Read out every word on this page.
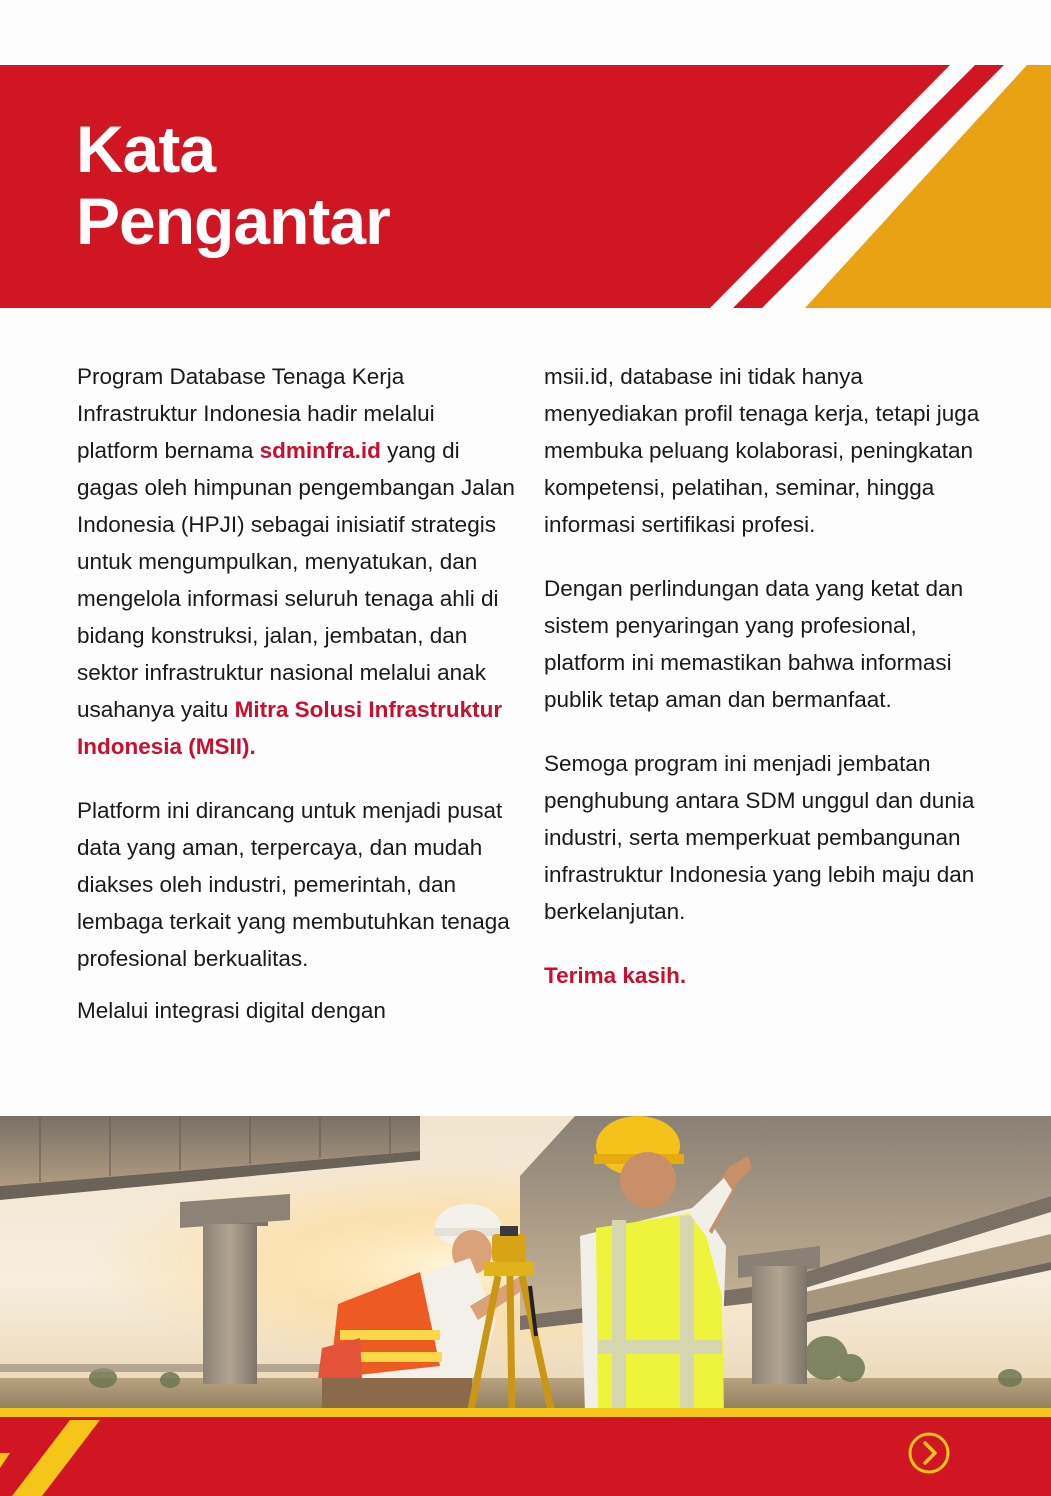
Kata
Pengantar

Program Database Tenaga Kerja Infrastruktur Indonesia hadir melalui platform bernama sdminfra.id yang di gagas oleh himpunan pengembangan Jalan Indonesia (HPJI) sebagai inisiatif strategis untuk mengumpulkan, menyatukan, dan mengelola informasi seluruh tenaga ahli di bidang konstruksi, jalan, jembatan, dan sektor infrastruktur nasional melalui anak usahanya yaitu Mitra Solusi Infrastruktur Indonesia (MSII).

Platform ini dirancang untuk menjadi pusat data yang aman, terpercaya, dan mudah diakses oleh industri, pemerintah, dan lembaga terkait yang membutuhkan tenaga profesional berkualitas.

Melalui integrasi digital dengan

msii.id, database ini tidak hanya menyediakan profil tenaga kerja, tetapi juga membuka peluang kolaborasi, peningkatan kompetensi, pelatihan, seminar, hingga informasi sertifikasi profesi.

Dengan perlindungan data yang ketat dan sistem penyaringan yang profesional, platform ini memastikan bahwa informasi publik tetap aman dan bermanfaat.

Semoga program ini menjadi jembatan penghubung antara SDM unggul dan dunia industri, serta memperkuat pembangunan infrastruktur Indonesia yang lebih maju dan berkelanjutan.

Terima kasih.
